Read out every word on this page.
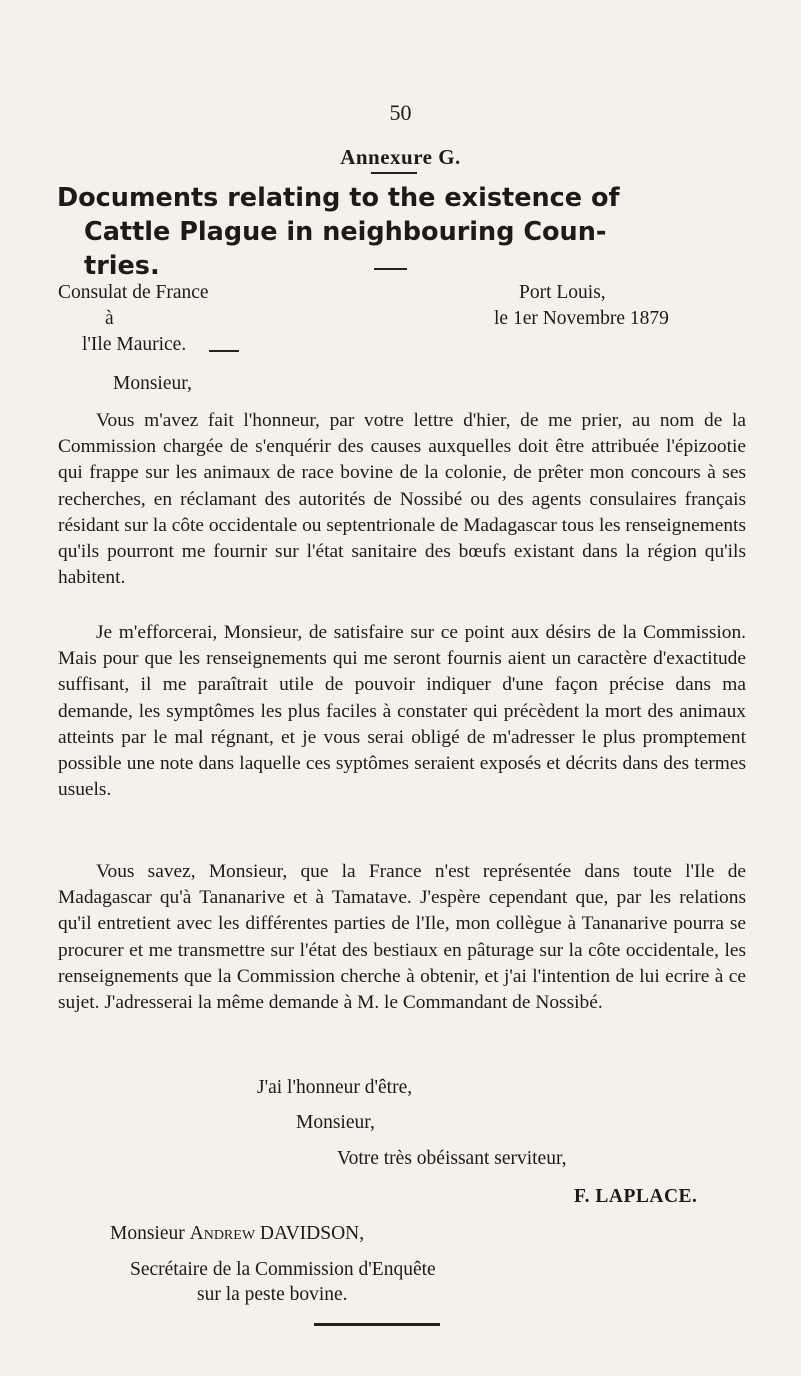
50
Annexure G.
Documents relating to the existence of
Cattle Plague in neighbouring Coun-
tries.
Consulat de France
à
l'Ile Maurice.
Port Louis,
le 1er Novembre 1879
Monsieur,

Vous m'avez fait l'honneur, par votre lettre d'hier, de me prier, au nom de la Commission chargée de s'enquérir des causes auxquelles doit être attribuée l'épizootie qui frappe sur les animaux de race bovine de la colonie, de prêter mon concours à ses recherches, en réclamant des autorités de Nossibé ou des agents consulaires français résidant sur la côte occidentale ou septentrionale de Madagascar tous les renseignements qu'ils pourront me fournir sur l'état sanitaire des bœufs existant dans la région qu'ils habitent.

Je m'efforcerai, Monsieur, de satisfaire sur ce point aux désirs de la Commission. Mais pour que les renseignements qui me seront fournis aient un caractère d'exactitude suffisant, il me paraîtrait utile de pouvoir indiquer d'une façon précise dans ma demande, les symptômes les plus faciles à constater qui précèdent la mort des animaux atteints par le mal régnant, et je vous serai obligé de m'adresser le plus promptement possible une note dans laquelle ces syptômes seraient exposés et décrits dans des termes usuels.

Vous savez, Monsieur, que la France n'est représentée dans toute l'Ile de Madagascar qu'à Tananarive et à Tamatave. J'espère cependant que, par les relations qu'il entretient avec les différentes parties de l'Ile, mon collègue à Tananarive pourra se procurer et me transmettre sur l'état des bestiaux en pâturage sur la côte occidentale, les renseignements que la Commission cherche à obtenir, et j'ai l'intention de lui ecrire à ce sujet. J'adresserai la même demande à M. le Commandant de Nossibé.

J'ai l'honneur d'être,
Monsieur,
Votre très obéissant serviteur,
F. LAPLACE.
Monsieur Andrew DAVIDSON,
Secrétaire de la Commission d'Enquête
sur la peste bovine.
